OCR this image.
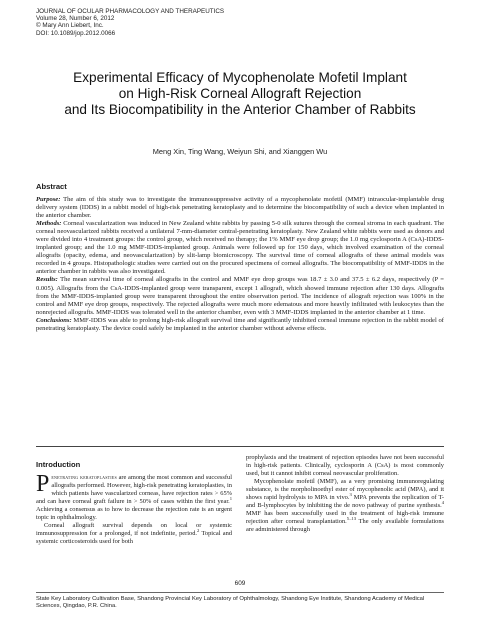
JOURNAL OF OCULAR PHARMACOLOGY AND THERAPEUTICS
Volume 28, Number 6, 2012
© Mary Ann Liebert, Inc.
DOI: 10.1089/jop.2012.0066
Experimental Efficacy of Mycophenolate Mofetil Implant
on High-Risk Corneal Allograft Rejection
and Its Biocompatibility in the Anterior Chamber of Rabbits
Meng Xin, Ting Wang, Weiyun Shi, and Xianggen Wu
Abstract

Purpose: The aim of this study was to investigate the immunosuppressive activity of a mycophenolate mofetil (MMF) intraocular-implantable drug delivery system (IDDS) in a rabbit model of high-risk penetrating keratoplasty and to determine the biocompatibility of such a device when implanted in the anterior chamber.

Methods: Corneal vascularization was induced in New Zealand white rabbits by passing 5-0 silk sutures through the corneal stroma in each quadrant. The corneal neovascularized rabbits received a unilateral 7-mm-diameter central-penetrating keratoplasty. New Zealand white rabbits were used as donors and were divided into 4 treatment groups: the control group, which received no therapy; the 1% MMF eye drop group; the 1.0 mg cyclosporin A (CsA)-IDDS-implanted group; and the 1.0 mg MMF-IDDS-implanted group. Animals were followed up for 150 days, which involved examination of the corneal allografts (opacity, edema, and neovascularization) by slit-lamp biomicroscopy. The survival time of corneal allografts of these animal models was recorded in 4 groups. Histopathologic studies were carried out on the procured specimens of corneal allografts. The biocompatibility of MMF-IDDS in the anterior chamber in rabbits was also investigated.

Results: The mean survival time of corneal allografts in the control and MMF eye drop groups was 18.7 ± 3.0 and 37.5 ± 6.2 days, respectively (P = 0.005). Allografts from the CsA-IDDS-implanted group were transparent, except 1 allograft, which showed immune rejection after 130 days. Allografts from the MMF-IDDS-implanted group were transparent throughout the entire observation period. The incidence of allograft rejection was 100% in the control and MMF eye drop groups, respectively. The rejected allografts were much more edematous and more heavily infiltrated with leukocytes than the nonrejected allografts. MMF-IDDS was tolerated well in the anterior chamber, even with 3 MMF-IDDS implanted in the anterior chamber at 1 time.

Conclusions: MMF-IDDS was able to prolong high-risk allograft survival time and significantly inhibited corneal immune rejection in the rabbit model of penetrating keratoplasty. The device could safely be implanted in the anterior chamber without adverse effects.

Introduction

Penetrating keratoplasties are among the most common and successful allografts performed. However, high-risk penetrating keratoplasties, in which patients have vascularized corneas, have rejection rates > 65% and can have corneal graft failure in > 50% of cases within the first year.$^1$ Achieving a consensus as to how to decrease the rejection rate is an urgent topic in ophthalmology.

Corneal allograft survival depends on local or systemic immunosuppression for a prolonged, if not indefinite, period.$^2$ Topical and systemic corticosteroids used for both

prophylaxis and the treatment of rejection episodes have not been successful in high-risk patients. Clinically, cyclosporin A (CsA) is most commonly used, but it cannot inhibit corneal neovascular proliferation.

Mycophenolate mofetil (MMF), as a very promising immunoregulating substance, is the morpholinoethyl ester of mycophenolic acid (MPA), and it shows rapid hydrolysis to MPA in vivo.$^3$ MPA prevents the replication of T- and B-lymphocytes by inhibiting the de novo pathway of purine synthesis.$^4$ MMF has been successfully used in the treatment of high-risk immune rejection after corneal transplantation.$^{5-13}$ The only available formulations are administered through

609
State Key Laboratory Cultivation Base, Shandong Provincial Key Laboratory of Ophthalmology, Shandong Eye Institute, Shandong Academy of Medical Sciences, Qingdao, P.R. China.
